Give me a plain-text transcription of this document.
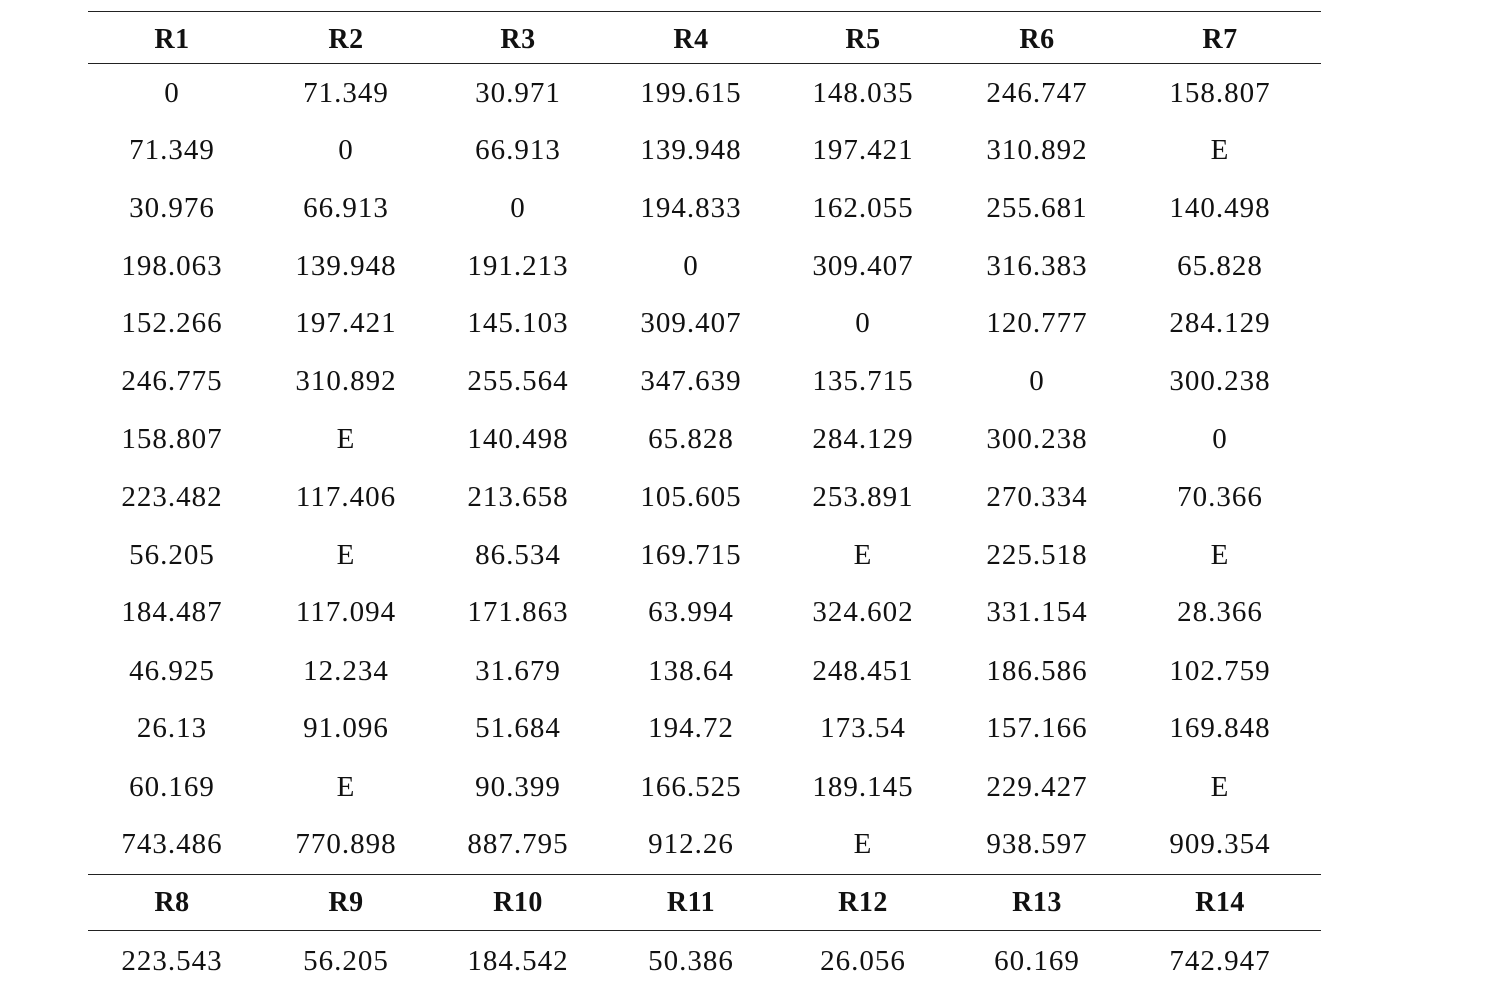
R1	R2	R3	R4	R5	R6	R7
0	71.349	30.971	199.615	148.035	246.747	158.807
71.349	0	66.913	139.948	197.421	310.892	E
30.976	66.913	0	194.833	162.055	255.681	140.498
198.063	139.948	191.213	0	309.407	316.383	65.828
152.266	197.421	145.103	309.407	0	120.777	284.129
246.775	310.892	255.564	347.639	135.715	0	300.238
158.807	E	140.498	65.828	284.129	300.238	0
223.482	117.406	213.658	105.605	253.891	270.334	70.366
56.205	E	86.534	169.715	E	225.518	E
184.487	117.094	171.863	63.994	324.602	331.154	28.366
46.925	12.234	31.679	138.64	248.451	186.586	102.759
26.13	91.096	51.684	194.72	173.54	157.166	169.848
60.169	E	90.399	166.525	189.145	229.427	E
743.486	770.898	887.795	912.26	E	938.597	909.354
R8	R9	R10	R11	R12	R13	R14
223.543	56.205	184.542	50.386	26.056	60.169	742.947
